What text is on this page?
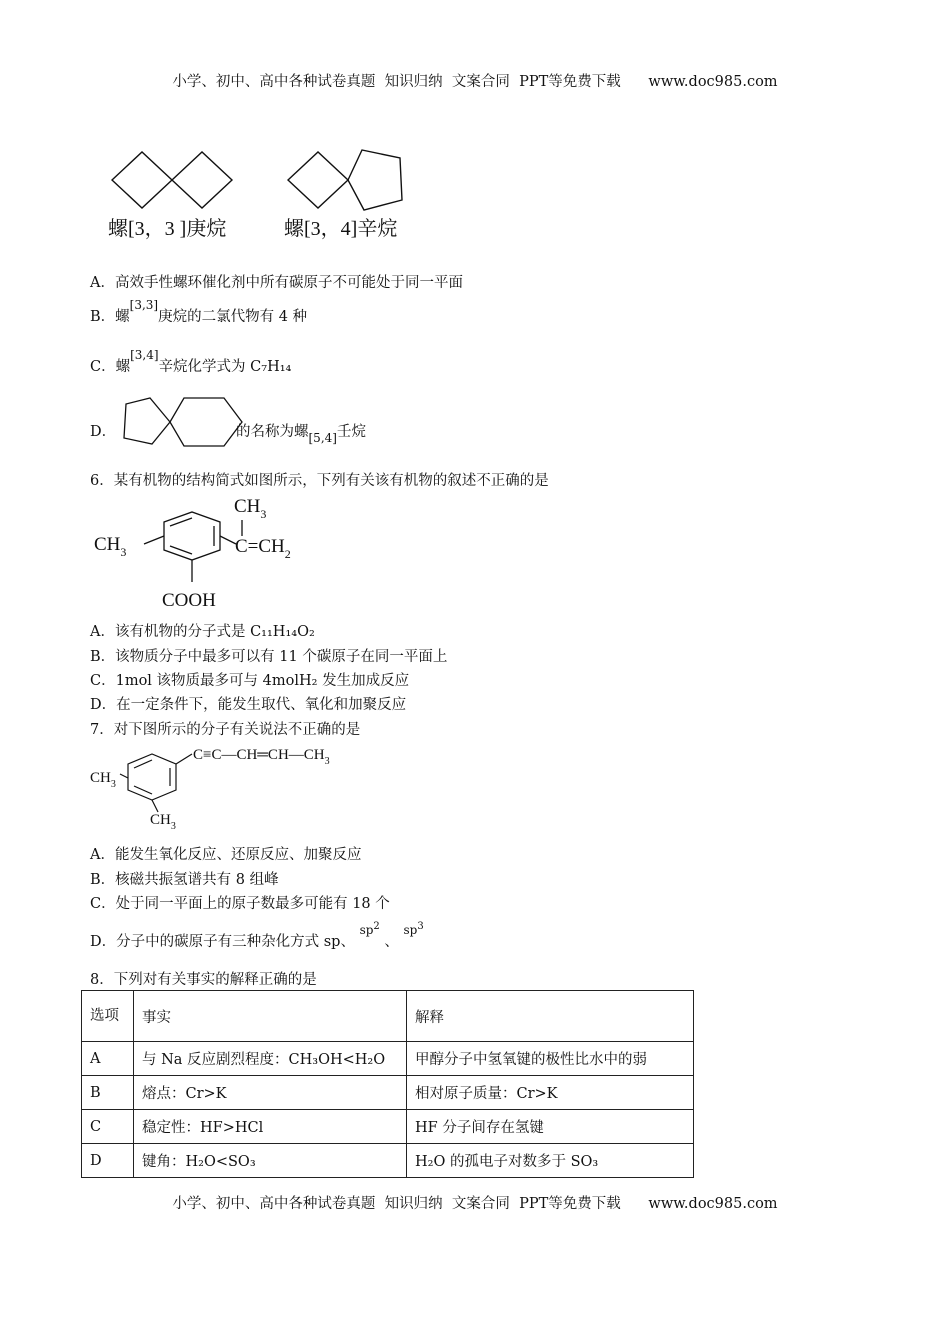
小学、初中、高中各种试卷真题  知识归纳  文案合同  PPT等免费下载      www.doc985.com
螺[3，3 ]庚烷	螺[3，4]辛烷
A．高效手性螺环催化剂中所有碳原子不可能处于同一平面
B．螺[3,3]庚烷的二氯代物有 4 种
C．螺[3,4]辛烷化学式为 C₇H₁₄
D．	的名称为螺[5,4]壬烷
6．某有机物的结构简式如图所示，下列有关该有机物的叙述不正确的是
$CH_3$
$CH_3$
$C=CH_2$
COOH
A．该有机物的分子式是 C₁₁H₁₄O₂
B．该物质分子中最多可以有 11 个碳原子在同一平面上
C．1mol 该物质最多可与 4molH₂ 发生加成反应
D．在一定条件下，能发生取代、氧化和加聚反应
7．对下图所示的分子有关说法不正确的是
$C\equiv C—CH═CH—CH_3$
$CH_3$
$CH_3$
A．能发生氧化反应、还原反应、加聚反应
B．核磁共振氢谱共有 8 组峰
C．处于同一平面上的原子数最多可能有 18 个
D．分子中的碳原子有三种杂化方式 sp、 $^{sp^2}$ 、 $^{sp^3}$
8．下列对有关事实的解释正确的是
选项	事实	解释
A	与 Na 反应剧烈程度：CH₃OH<H₂O	甲醇分子中氢氧键的极性比水中的弱
B	熔点：Cr>K	相对原子质量：Cr>K
C	稳定性：HF>HCl	HF 分子间存在氢键
D	键角：H₂O<SO₃	H₂O 的孤电子对数多于 SO₃
小学、初中、高中各种试卷真题  知识归纳  文案合同  PPT等免费下载      www.doc985.com
